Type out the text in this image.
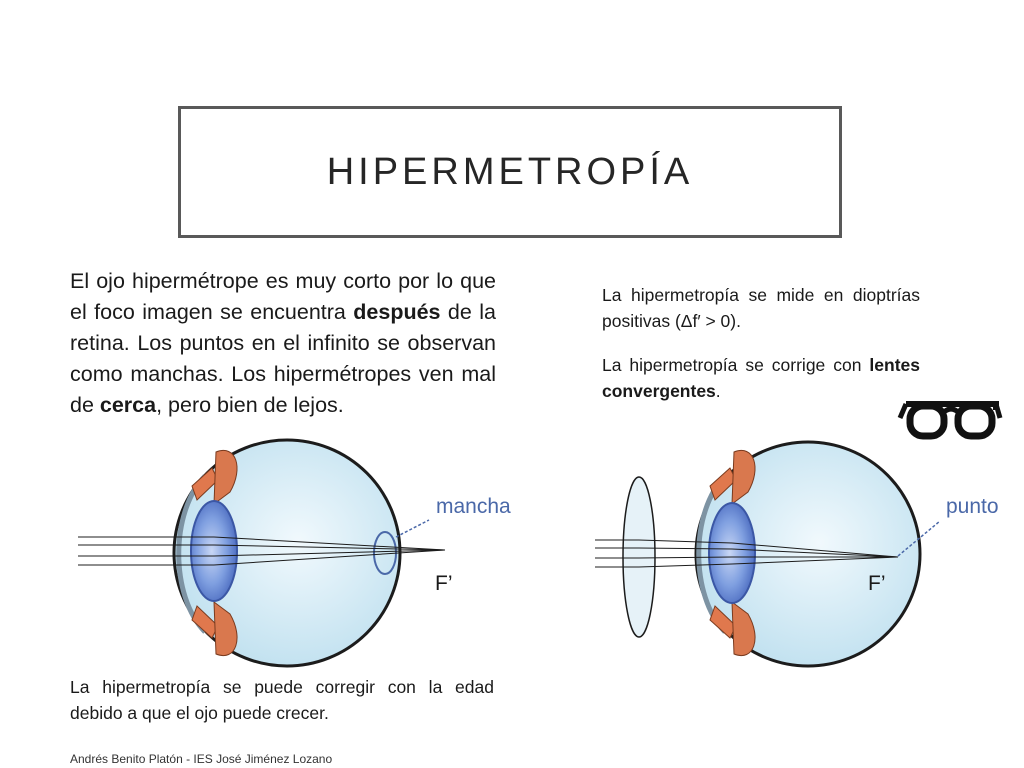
HIPERMETROPÍA
El ojo hipermétrope es muy corto por lo que el foco imagen se encuentra después de la retina. Los puntos en el infinito se observan como manchas. Los hipermétropes ven mal de cerca, pero bien de lejos.
La hipermetropía se mide en dioptrías positivas (Δf′ > 0).
La hipermetropía se corrige con lentes convergentes.
La hipermetropía se puede corregir con la edad debido a que el ojo puede crecer.
Andrés Benito Platón - IES José Jiménez Lozano
mancha
F’
punto
F’
